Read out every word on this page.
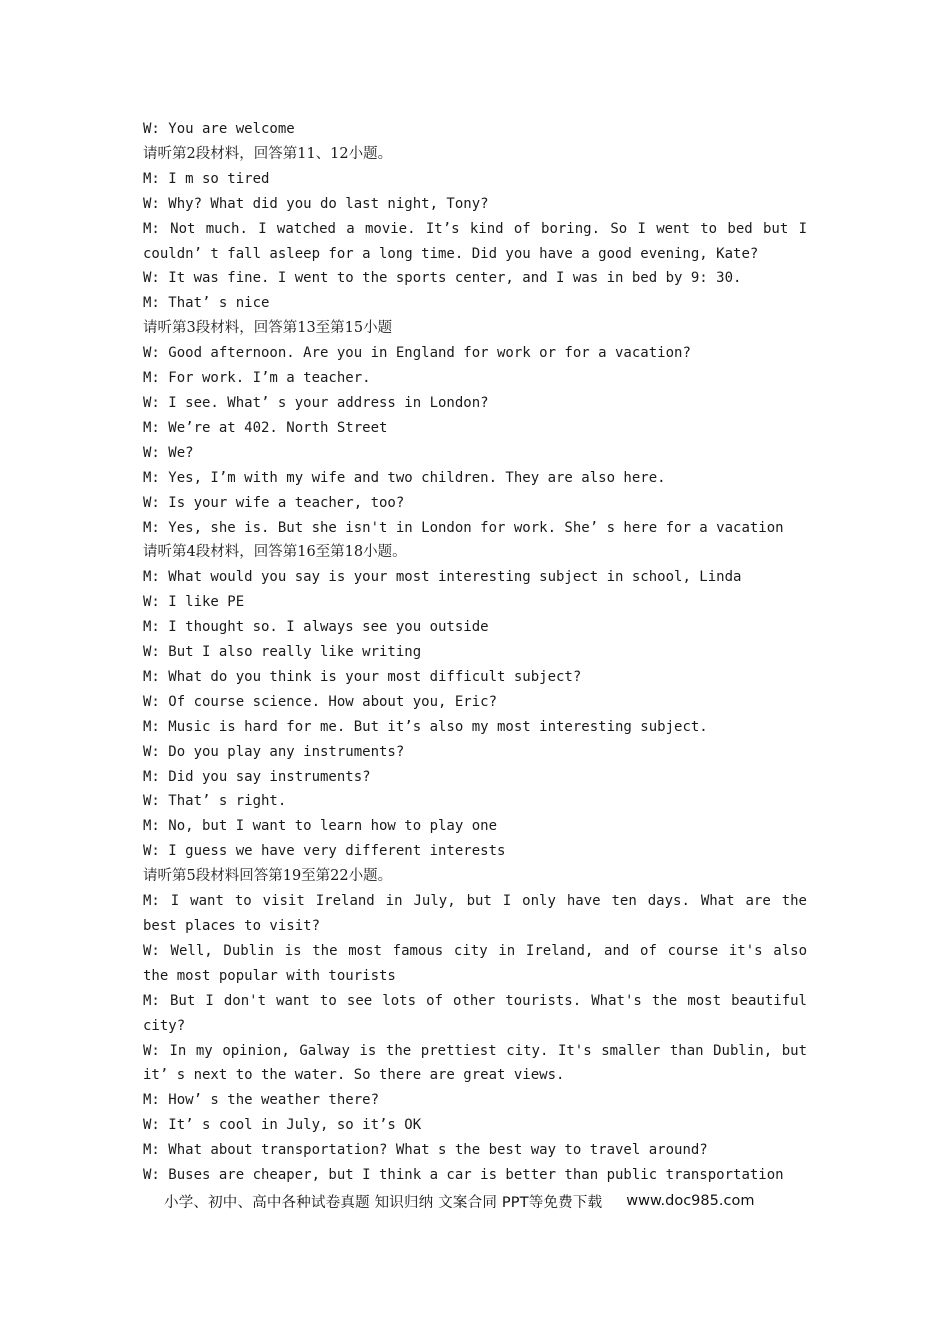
W: You are welcome
请听第2段材料，回答第11、12小题。
M: I m so tired
W: Why? What did you do last night, Tony?
M: Not much. I watched a movie. It’s kind of boring. So I went to bed but I couldn’ t fall asleep for a long time. Did you have a good evening, Kate?
W: It was fine. I went to the sports center, and I was in bed by 9: 30.
M: That’ s nice
请听第3段材料，回答第13至第15小题
W: Good afternoon. Are you in England for work or for a vacation?
M: For work. I’m a teacher.
W: I see. What’ s your address in London?
M: We’re at 402. North Street
W: We?
M: Yes, I’m with my wife and two children. They are also here.
W: Is your wife a teacher, too?
M: Yes, she is. But she isn't in London for work. She’ s here for a vacation
请听第4段材料，回答第16至第18小题。
M: What would you say is your most interesting subject in school, Linda
W: I like PE
M: I thought so. I always see you outside
W: But I also really like writing
M: What do you think is your most difficult subject?
W: Of course science. How about you, Eric?
M: Music is hard for me. But it’s also my most interesting subject.
W: Do you play any instruments?
M: Did you say instruments?
W: That’ s right.
M: No, but I want to learn how to play one
W: I guess we have very different interests
请听第5段材料回答第19至第22小题。
M: I want to visit Ireland in July, but I only have ten days. What are the best places to visit?
W: Well, Dublin is the most famous city in Ireland, and of course it's also the most popular with tourists
M: But I don't want to see lots of other tourists. What's the most beautiful city?
W: In my opinion, Galway is the prettiest city. It's smaller than Dublin, but it’ s next to the water. So there are great views.
M: How’ s the weather there?
W: It’ s cool in July, so it’s OK
M: What about transportation? What s the best way to travel around?
W: Buses are cheaper, but I think a car is better than public transportation
小学、初中、高中各种试卷真题 知识归纳 文案合同 PPT等免费下载 www.doc985.com
